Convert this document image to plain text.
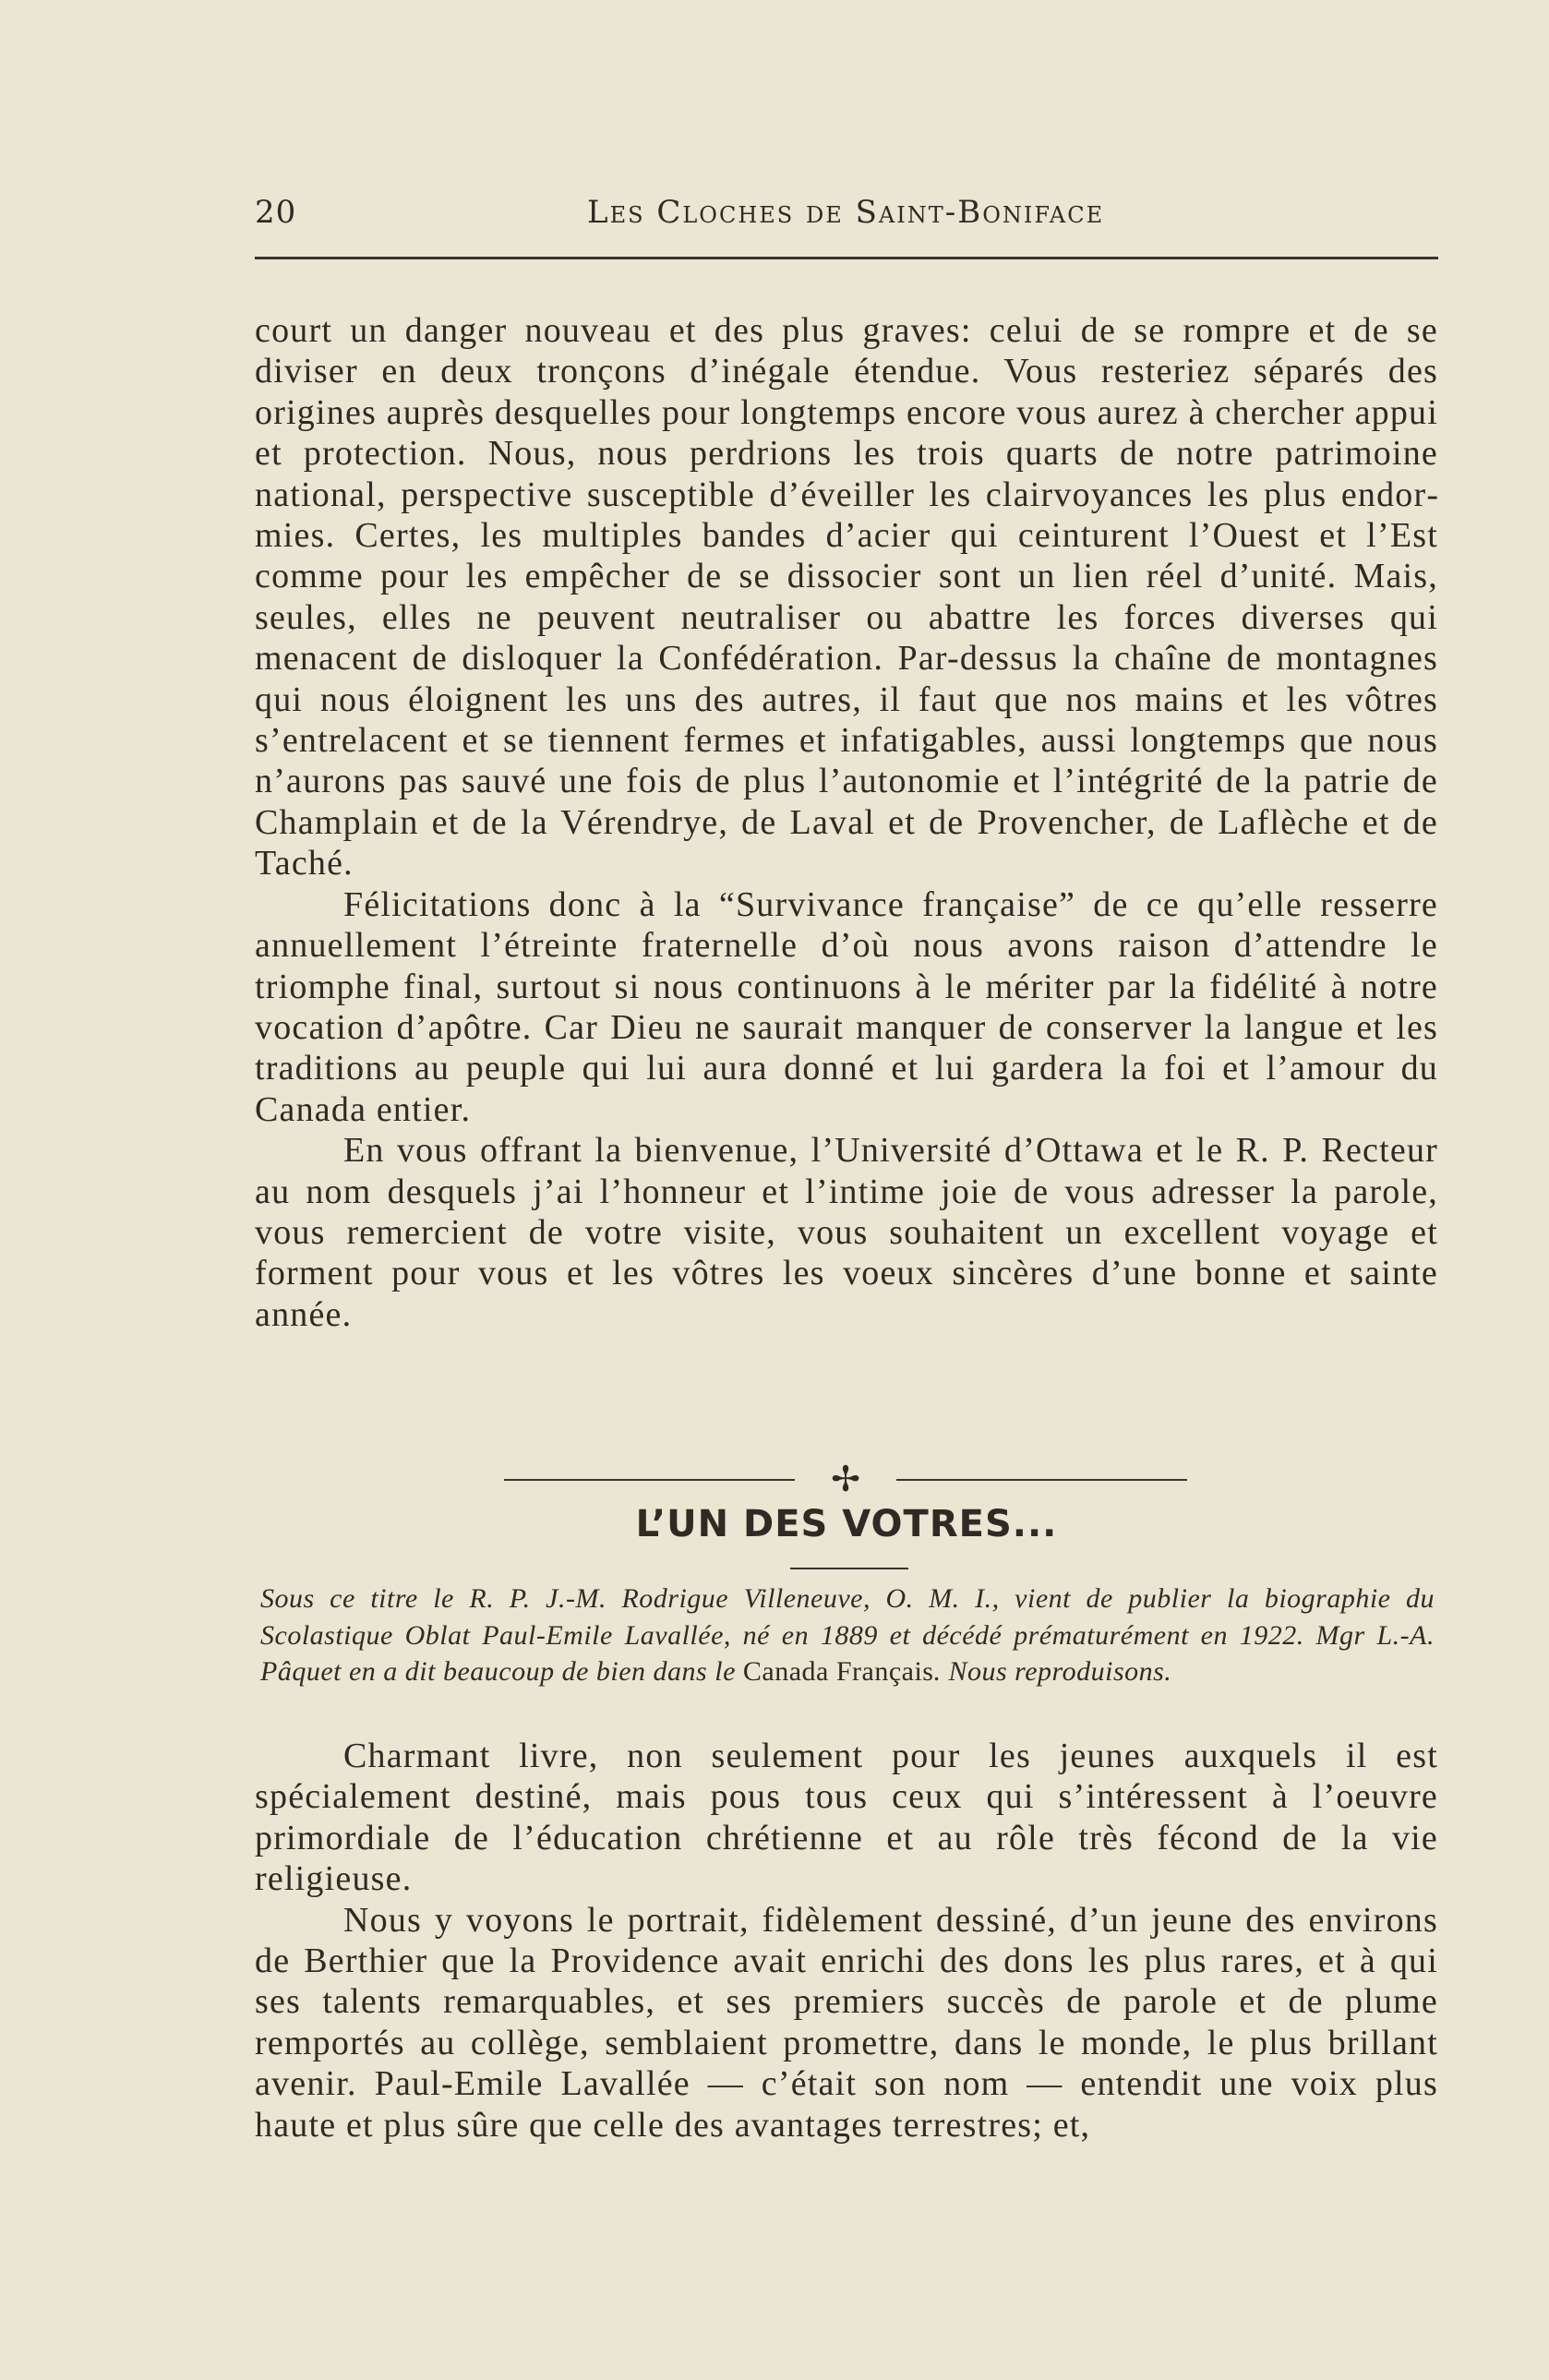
20	Les Cloches de Saint-Boniface

court un danger nouveau et des plus graves: celui de se rompre et de se diviser en deux tronçons d’inégale étendue. Vous resteriez séparés des origines auprès desquelles pour longtemps encore vous aurez à chercher appui et protection. Nous, nous perdrions les trois quarts de notre patrimoine national, perspective susceptible d’éveiller les clairvoyances les plus endormies. Certes, les multiples bandes d’acier qui ceinturent l’Ouest et l’Est comme pour les empêcher de se dissocier sont un lien réel d’unité. Mais, seules, elles ne peuvent neutraliser ou abattre les forces diverses qui menacent de disloquer la Confédération. Par-dessus la chaîne de montagnes qui nous éloignent les uns des autres, il faut que nos mains et les vôtres s’entrelacent et se tiennent fermes et infatigables, aussi longtemps que nous n’aurons pas sauvé une fois de plus l’autonomie et l’intégrité de la patrie de Champlain et de la Vérendrye, de Laval et de Provencher, de Laflèche et de Taché.

Félicitations donc à la “Survivance française” de ce qu’elle resserre annuellement l’étreinte fraternelle d’où nous avons raison d’attendre le triomphe final, surtout si nous continuons à le mériter par la fidélité à notre vocation d’apôtre. Car Dieu ne saurait manquer de conserver la langue et les traditions au peuple qui lui aura donné et lui gardera la foi et l’amour du Canada entier.

En vous offrant la bienvenue, l’Université d’Ottawa et le R. P. Recteur au nom desquels j’ai l’honneur et l’intime joie de vous adresser la parole, vous remercient de votre visite, vous souhaitent un excellent voyage et forment pour vous et les vôtres les voeux sincères d’une bonne et sainte année.

✢
L’UN DES VOTRES...
Sous ce titre le R. P. J.-M. Rodrigue Villeneuve, O. M. I., vient de publier la biographie du Scolastique Oblat Paul-Emile Lavallée, né en 1889 et décédé prématurément en 1922. Mgr L.-A. Pâquet en a dit beaucoup de bien dans le Canada Français. Nous reproduisons.

Charmant livre, non seulement pour les jeunes auxquels il est spécialement destiné, mais pous tous ceux qui s’intéressent à l’oeuvre primordiale de l’éducation chrétienne et au rôle très fécond de la vie religieuse.

Nous y voyons le portrait, fidèlement dessiné, d’un jeune des environs de Berthier que la Providence avait enrichi des dons les plus rares, et à qui ses talents remarquables, et ses premiers succès de parole et de plume remportés au collège, semblaient promettre, dans le monde, le plus brillant avenir. Paul-Emile Lavallée — c’était son nom — entendit une voix plus haute et plus sûre que celle des avantages terrestres; et,
